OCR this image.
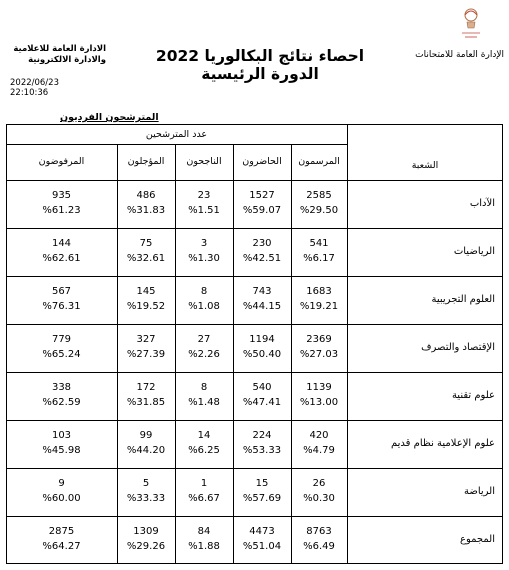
الادارة العامة للاعلامية
والادارة الالكترونية	احصاء نتائج البكالوريا 2022
الدورة الرئيسية
الإدارة العامة للامتحانات
2022/06/23
22:10:36
المترشحون الفرديون
عدد المترشحين
الشعبة
المرسمون
الحاضرون
الناجحون
المؤجلون
المرفوضون
الآداب
2585
%29.50
1527
%59.07
23
%1.51
486
%31.83
935
%61.23
الرياضيات
541
%6.17
230
%42.51
3
%1.30
75
%32.61
144
%62.61
العلوم التجريبية
1683
%19.21
743
%44.15
8
%1.08
145
%19.52
567
%76.31
الإقتصاد والتصرف
2369
%27.03
1194
%50.40
27
%2.26
327
%27.39
779
%65.24
علوم تقنية
1139
%13.00
540
%47.41
8
%1.48
172
%31.85
338
%62.59
علوم الإعلامية نظام قديم
420
%4.79
224
%53.33
14
%6.25
99
%44.20
103
%45.98
الرياضة
26
%0.30
15
%57.69
1
%6.67
5
%33.33
9
%60.00
المجموع
8763
%6.49
4473
%51.04
84
%1.88
1309
%29.26
2875
%64.27
